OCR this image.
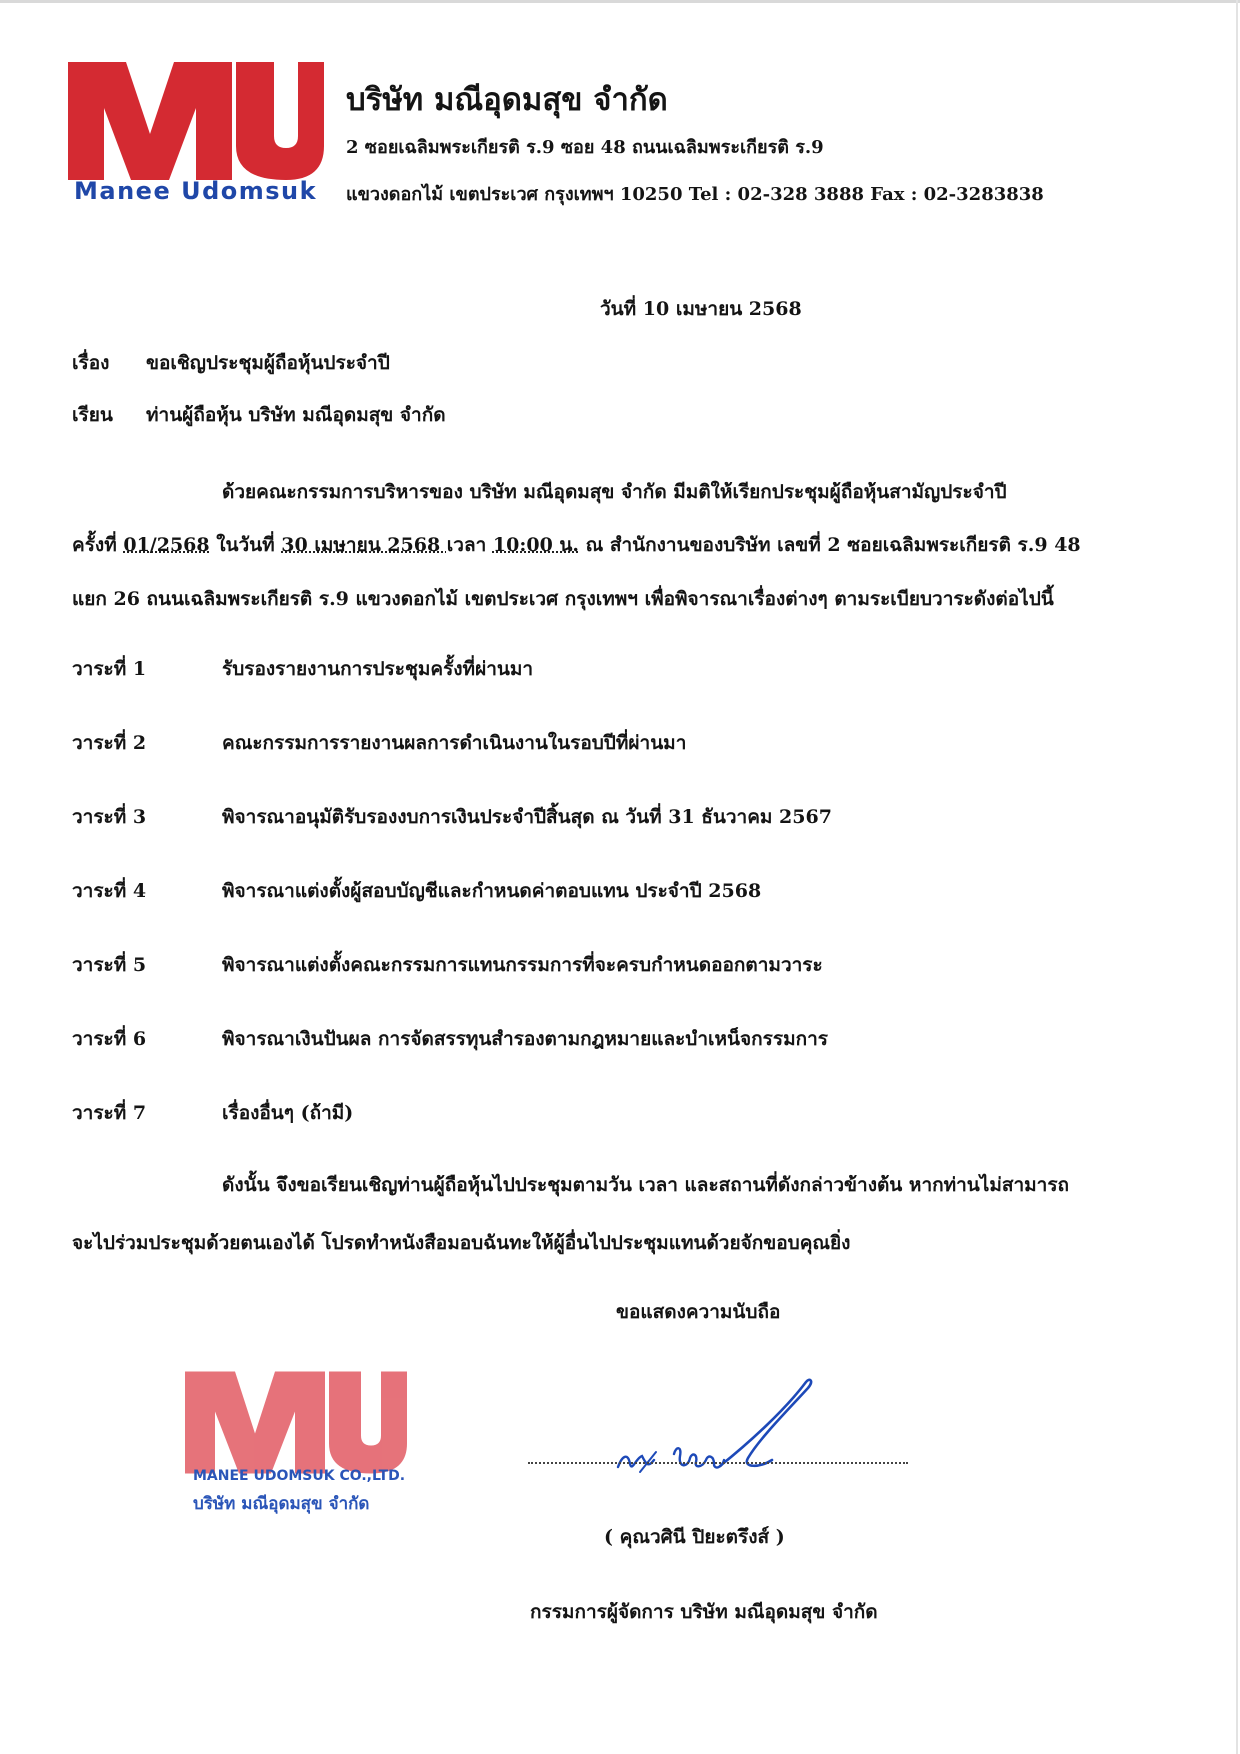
Manee Udomsuk
บริษัท มณีอุดมสุข จำกัด
2 ซอยเฉลิมพระเกียรติ ร.9 ซอย 48 ถนนเฉลิมพระเกียรติ ร.9
แขวงดอกไม้ เขตประเวศ กรุงเทพฯ 10250 Tel : 02-328 3888 Fax : 02-3283838
วันที่ 10 เมษายน 2568
เรื่อง ขอเชิญประชุมผู้ถือหุ้นประจำปี
เรียน ท่านผู้ถือหุ้น บริษัท มณีอุดมสุข จำกัด
ด้วยคณะกรรมการบริหารของ บริษัท มณีอุดมสุข จำกัด มีมติให้เรียกประชุมผู้ถือหุ้นสามัญประจำปี
ครั้งที่ 01/2568 ในวันที่ 30 เมษายน 2568 เวลา 10:00 น. ณ สำนักงานของบริษัท เลขที่ 2 ซอยเฉลิมพระเกียรติ ร.9 48
แยก 26 ถนนเฉลิมพระเกียรติ ร.9 แขวงดอกไม้ เขตประเวศ กรุงเทพฯ เพื่อพิจารณาเรื่องต่างๆ ตามระเบียบวาระดังต่อไปนี้
วาระที่ 1	รับรองรายงานการประชุมครั้งที่ผ่านมา
วาระที่ 2	คณะกรรมการรายงานผลการดำเนินงานในรอบปีที่ผ่านมา
วาระที่ 3	พิจารณาอนุมัติรับรองงบการเงินประจำปีสิ้นสุด ณ วันที่ 31 ธันวาคม 2567
วาระที่ 4	พิจารณาแต่งตั้งผู้สอบบัญชีและกำหนดค่าตอบแทน ประจำปี 2568
วาระที่ 5	พิจารณาแต่งตั้งคณะกรรมการแทนกรรมการที่จะครบกำหนดออกตามวาระ
วาระที่ 6	พิจารณาเงินปันผล การจัดสรรทุนสำรองตามกฎหมายและบำเหน็จกรรมการ
วาระที่ 7	เรื่องอื่นๆ (ถ้ามี)
ดังนั้น จึงขอเรียนเชิญท่านผู้ถือหุ้นไปประชุมตามวัน เวลา และสถานที่ดังกล่าวข้างต้น หากท่านไม่สามารถ
จะไปร่วมประชุมด้วยตนเองได้ โปรดทำหนังสือมอบฉันทะให้ผู้อื่นไปประชุมแทนด้วยจักขอบคุณยิ่ง
ขอแสดงความนับถือ
MANEE UDOMSUK CO.,LTD.
บริษัท มณีอุดมสุข จำกัด
( คุณวศินี ปิยะตรึงส์ )
กรรมการผู้จัดการ บริษัท มณีอุดมสุข จำกัด
